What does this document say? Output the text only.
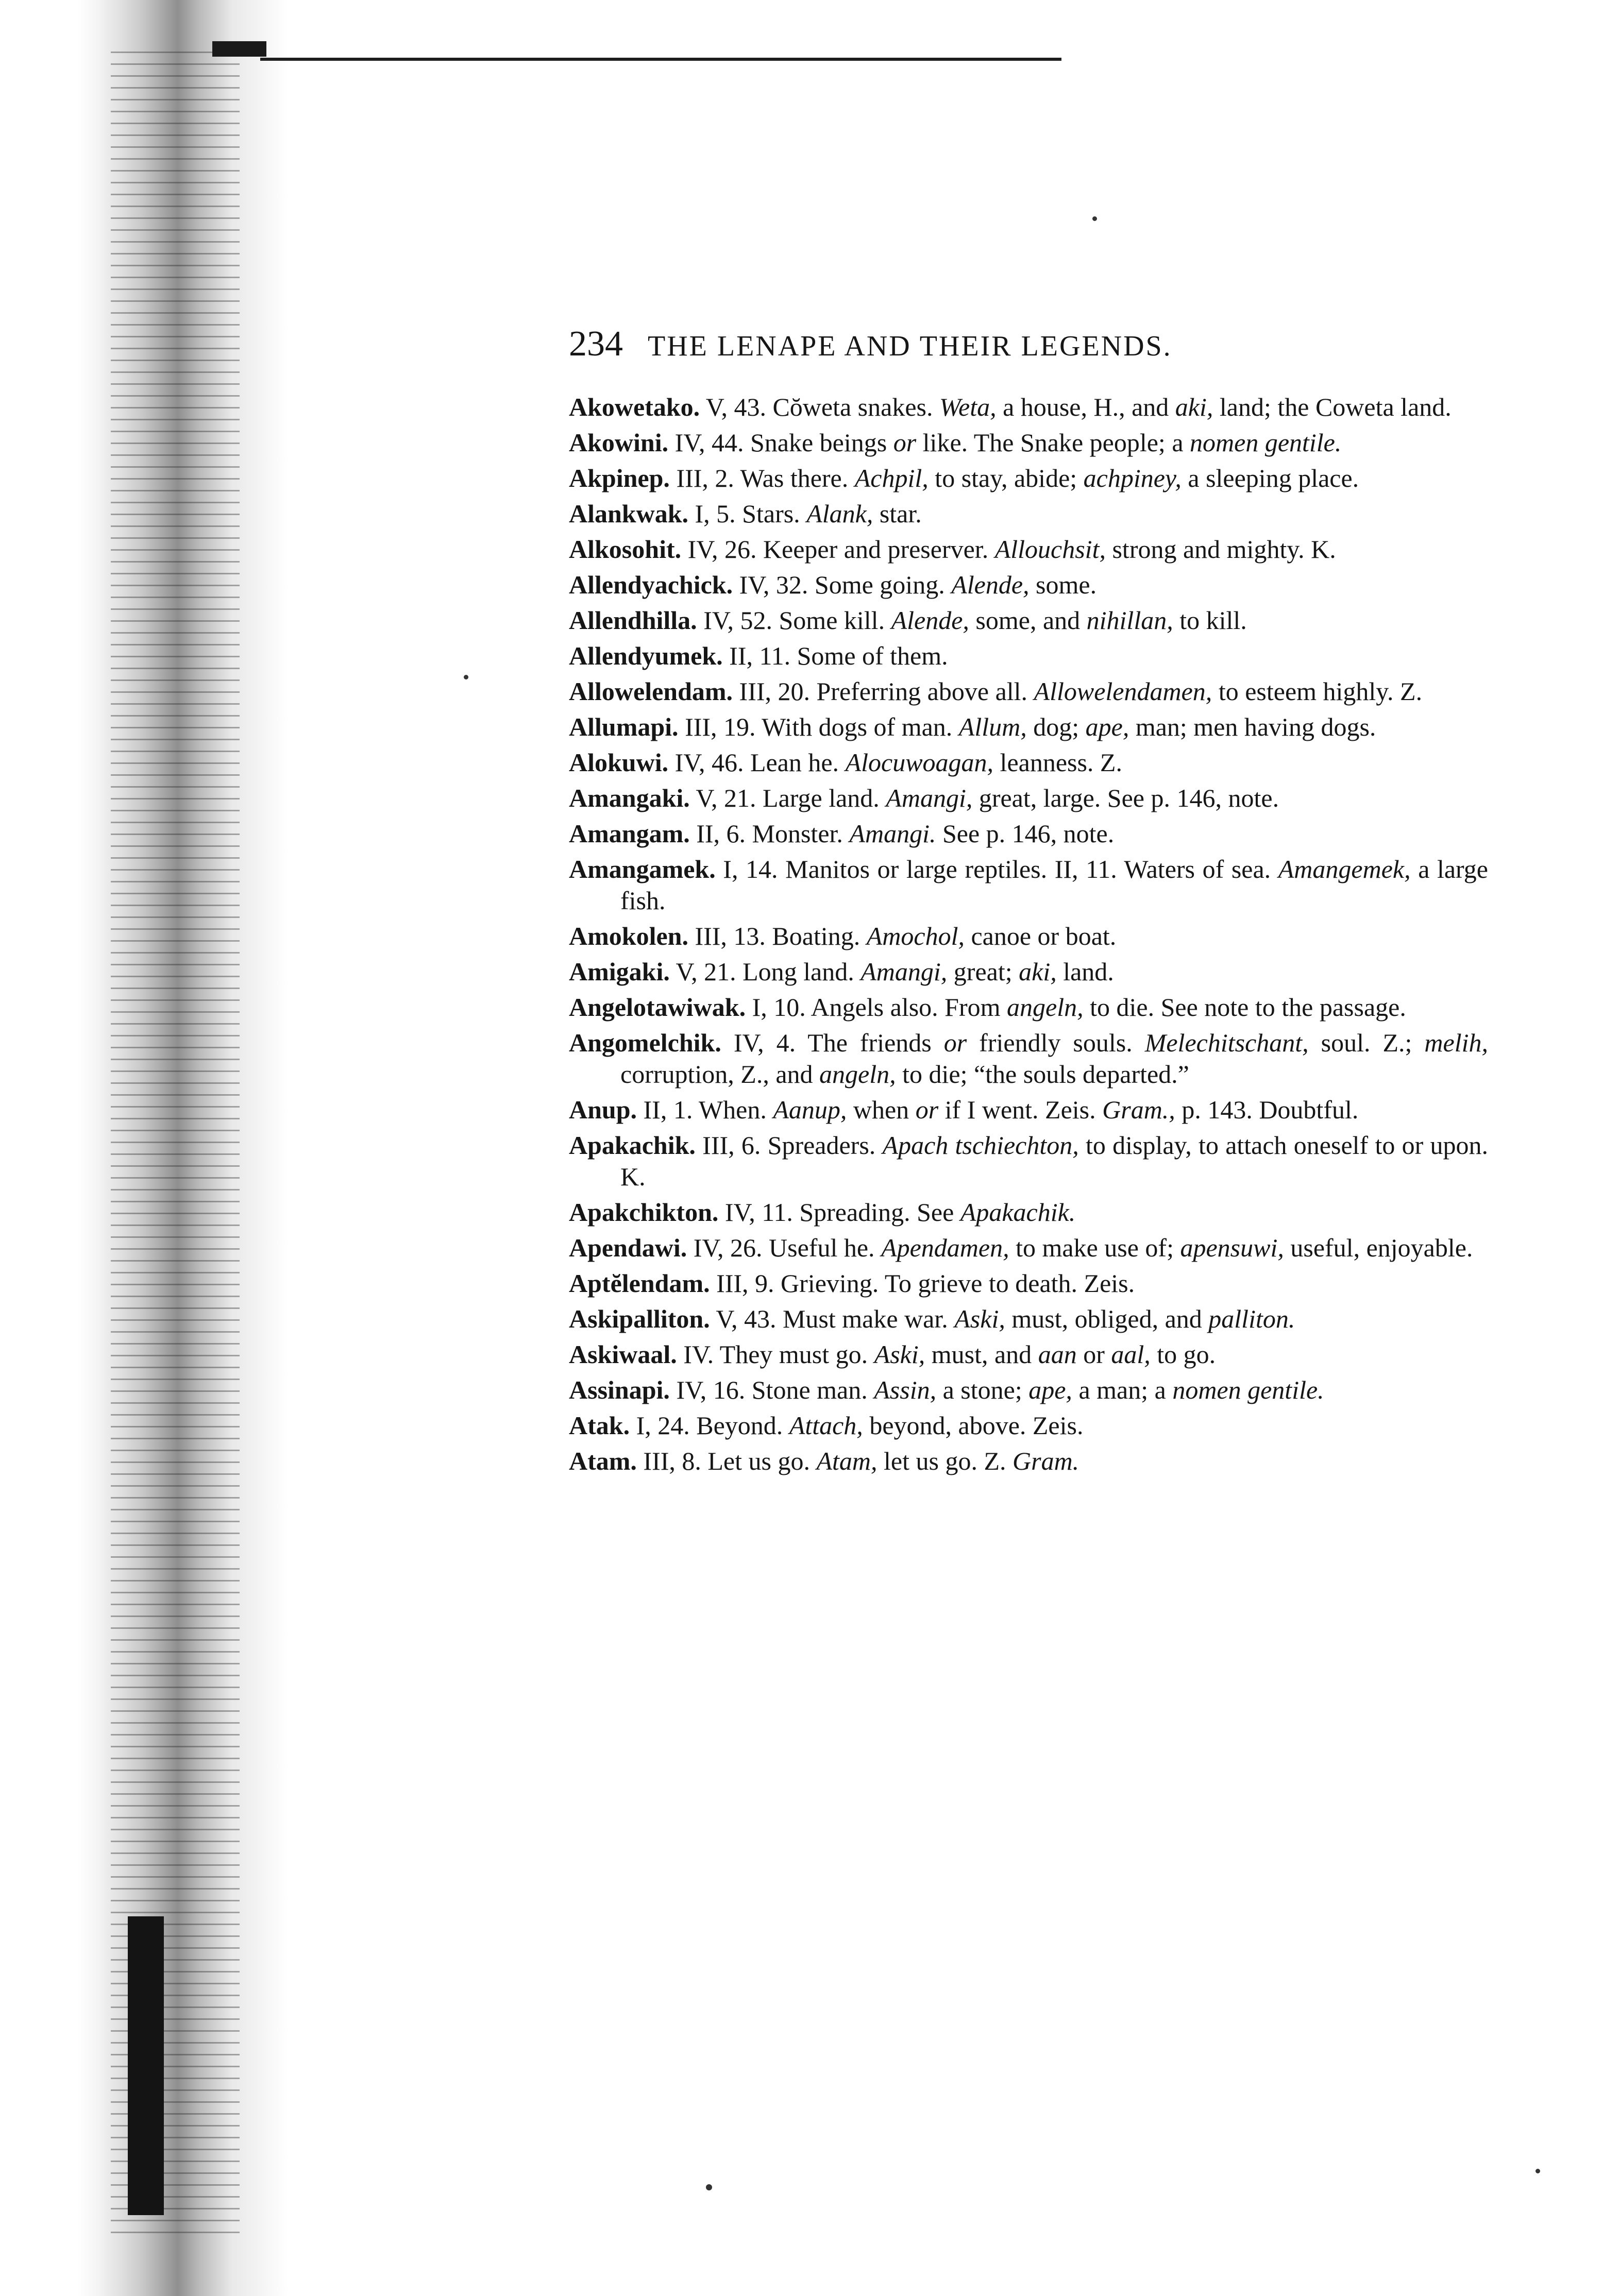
234 THE LENAPE AND THEIR LEGENDS.

Akowetako. V, 43. Cŏweta snakes. Weta, a house, H., and aki, land; the Coweta land.

Akowini. IV, 44. Snake beings or like. The Snake people; a nomen gentile.

Akpinep. III, 2. Was there. Achpil, to stay, abide; achpiney, a sleeping place.

Alankwak. I, 5. Stars. Alank, star.

Alkosohit. IV, 26. Keeper and preserver. Allouchsit, strong and mighty. K.

Allendyachick. IV, 32. Some going. Alende, some.

Allendhilla. IV, 52. Some kill. Alende, some, and nihillan, to kill.

Allendyumek. II, 11. Some of them.

Allowelendam. III, 20. Preferring above all. Allowelendamen, to esteem highly. Z.

Allumapi. III, 19. With dogs of man. Allum, dog; ape, man; men having dogs.

Alokuwi. IV, 46. Lean he. Alocuwoagan, leanness. Z.

Amangaki. V, 21. Large land. Amangi, great, large. See p. 146, note.

Amangam. II, 6. Monster. Amangi. See p. 146, note.

Amangamek. I, 14. Manitos or large reptiles. II, 11. Waters of sea. Amangemek, a large fish.

Amokolen. III, 13. Boating. Amochol, canoe or boat.

Amigaki. V, 21. Long land. Amangi, great; aki, land.

Angelotawiwak. I, 10. Angels also. From angeln, to die. See note to the passage.

Angomelchik. IV, 4. The friends or friendly souls. Melechitschant, soul. Z.; melih, corruption, Z., and angeln, to die; “the souls departed.”

Anup. II, 1. When. Aanup, when or if I went. Zeis. Gram., p. 143. Doubtful.

Apakachik. III, 6. Spreaders. Apach tschiechton, to display, to attach oneself to or upon. K.

Apakchikton. IV, 11. Spreading. See Apakachik.

Apendawi. IV, 26. Useful he. Apendamen, to make use of; apensuwi, useful, enjoyable.

Aptĕlendam. III, 9. Grieving. To grieve to death. Zeis.

Askipalliton. V, 43. Must make war. Aski, must, obliged, and palliton.

Askiwaal. IV. They must go. Aski, must, and aan or aal, to go.

Assinapi. IV, 16. Stone man. Assin, a stone; ape, a man; a nomen gentile.

Atak. I, 24. Beyond. Attach, beyond, above. Zeis.

Atam. III, 8. Let us go. Atam, let us go. Z. Gram.
